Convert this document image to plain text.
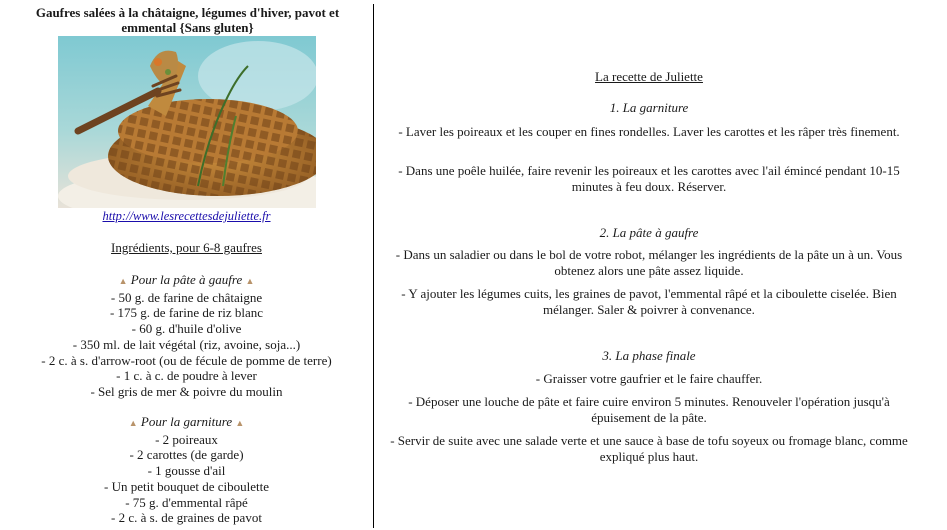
Gaufres salées à la châtaigne, légumes d'hiver, pavot et emmental {Sans gluten}
http://www.lesrecettesdejuliette.fr
Ingrédients, pour 6-8 gaufres
▲ Pour la pâte à gaufre ▲
- 50 g. de farine de châtaigne
- 175 g. de farine de riz blanc
- 60 g. d'huile d'olive
- 350 ml. de lait végétal (riz, avoine, soja...)
- 2 c. à s. d'arrow-root (ou de fécule de pomme de terre)
- 1 c. à c. de poudre à lever
- Sel gris de mer & poivre du moulin
▲ Pour la garniture ▲
- 2 poireaux
- 2 carottes (de garde)
- 1 gousse d'ail
- Un petit bouquet de ciboulette
- 75 g. d'emmental râpé
- 2 c. à s. de graines de pavot
La recette de Juliette
1. La garniture
- Laver les poireaux et les couper en fines rondelles. Laver les carottes et les râper très finement.
- Dans une poêle huilée, faire revenir les poireaux et les carottes avec l'ail émincé pendant 10-15 minutes à feu doux. Réserver.
2. La pâte à gaufre
- Dans un saladier ou dans le bol de votre robot, mélanger les ingrédients de la pâte un à un. Vous obtenez alors une pâte assez liquide.
- Y ajouter les légumes cuits, les graines de pavot, l'emmental râpé et la ciboulette ciselée. Bien mélanger. Saler & poivrer à convenance.
3. La phase finale
- Graisser votre gaufrier et le faire chauffer.
- Déposer une louche de pâte et faire cuire environ 5 minutes. Renouveler l'opération jusqu'à épuisement de la pâte.
- Servir de suite avec une salade verte et une sauce à base de tofu soyeux ou fromage blanc, comme expliqué plus haut.
